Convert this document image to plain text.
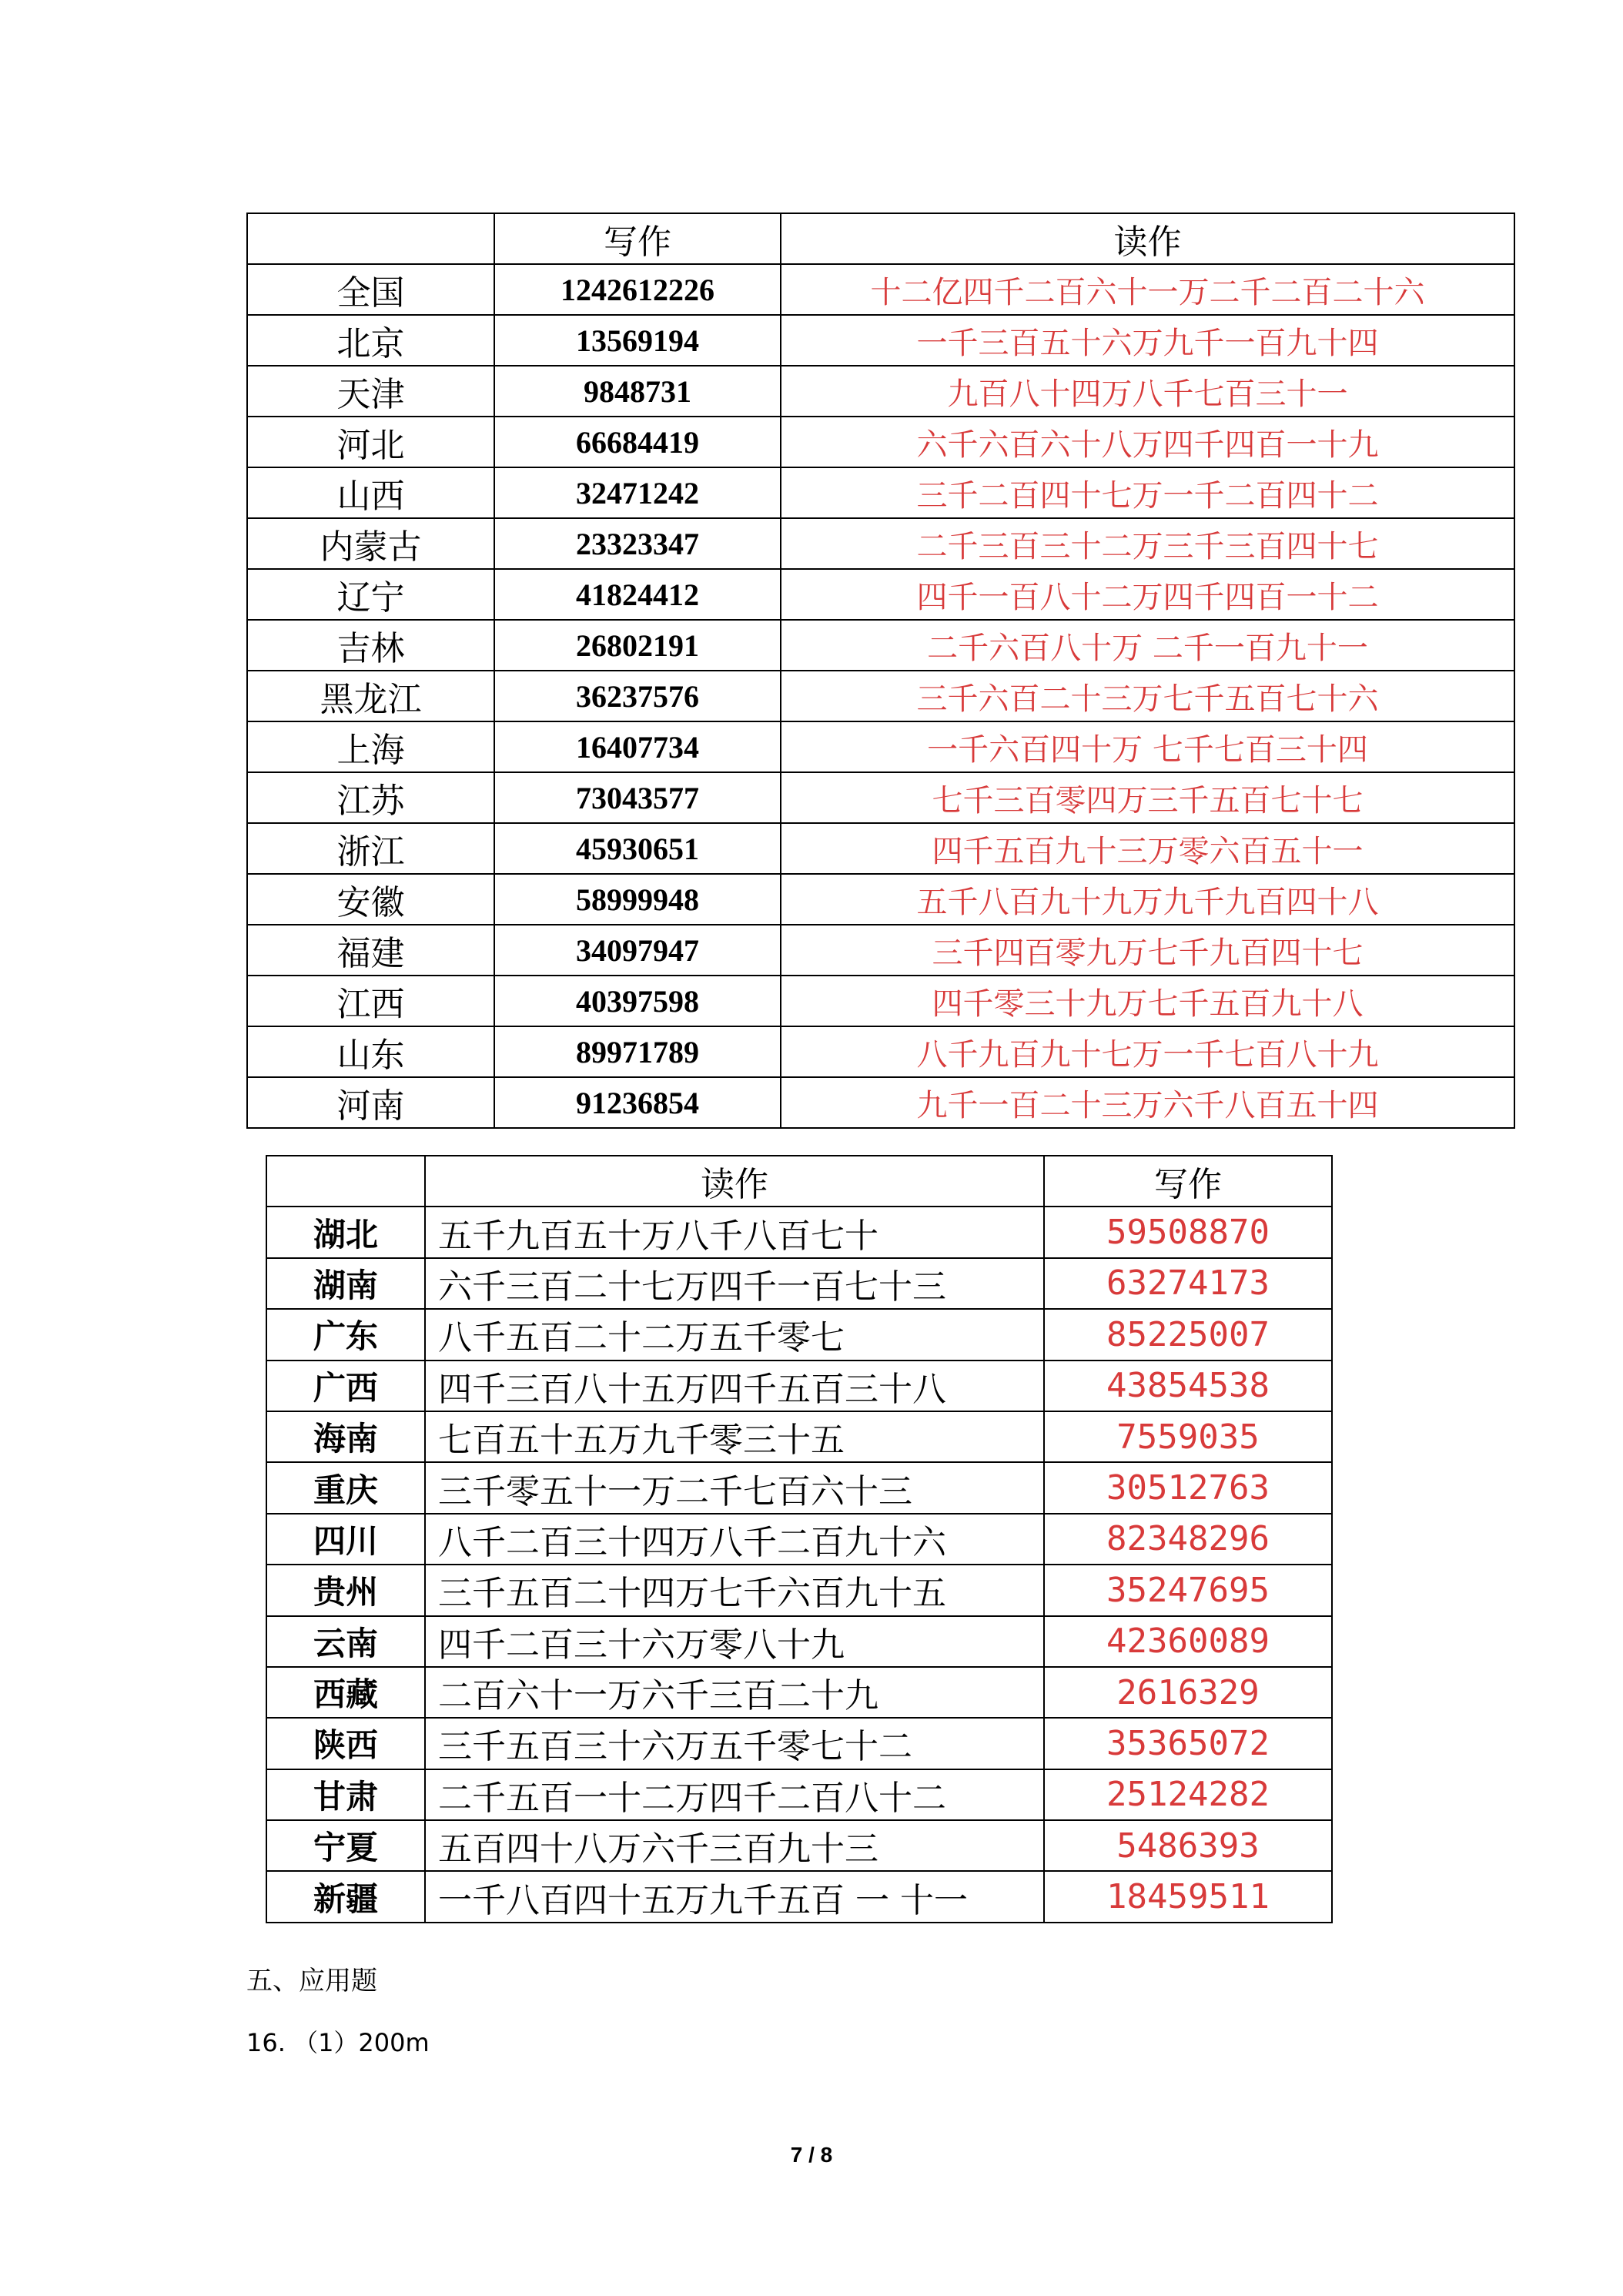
	写作	读作
全国	1242612226	十二亿四千二百六十一万二千二百二十六
北京	13569194	一千三百五十六万九千一百九十四
天津	9848731	九百八十四万八千七百三十一
河北	66684419	六千六百六十八万四千四百一十九
山西	32471242	三千二百四十七万一千二百四十二
内蒙古	23323347	二千三百三十二万三千三百四十七
辽宁	41824412	四千一百八十二万四千四百一十二
吉林	26802191	二千六百八十万 二千一百九十一
黑龙江	36237576	三千六百二十三万七千五百七十六
上海	16407734	一千六百四十万 七千七百三十四
江苏	73043577	七千三百零四万三千五百七十七
浙江	45930651	四千五百九十三万零六百五十一
安徽	58999948	五千八百九十九万九千九百四十八
福建	34097947	三千四百零九万七千九百四十七
江西	40397598	四千零三十九万七千五百九十八
山东	89971789	八千九百九十七万一千七百八十九
河南	91236854	九千一百二十三万六千八百五十四
	读作	写作
湖北	五千九百五十万八千八百七十	59508870
湖南	六千三百二十七万四千一百七十三	63274173
广东	八千五百二十二万五千零七	85225007
广西	四千三百八十五万四千五百三十八	43854538
海南	七百五十五万九千零三十五	7559035
重庆	三千零五十一万二千七百六十三	30512763
四川	八千二百三十四万八千二百九十六	82348296
贵州	三千五百二十四万七千六百九十五	35247695
云南	四千二百三十六万零八十九	42360089
西藏	二百六十一万六千三百二十九	2616329
陕西	三千五百三十六万五千零七十二	35365072
甘肃	二千五百一十二万四千二百八十二	25124282
宁夏	五百四十八万六千三百九十三	5486393
新疆	一千八百四十五万九千五百 一 十一	18459511
五、应用题
16. （1）200m
7 / 8
